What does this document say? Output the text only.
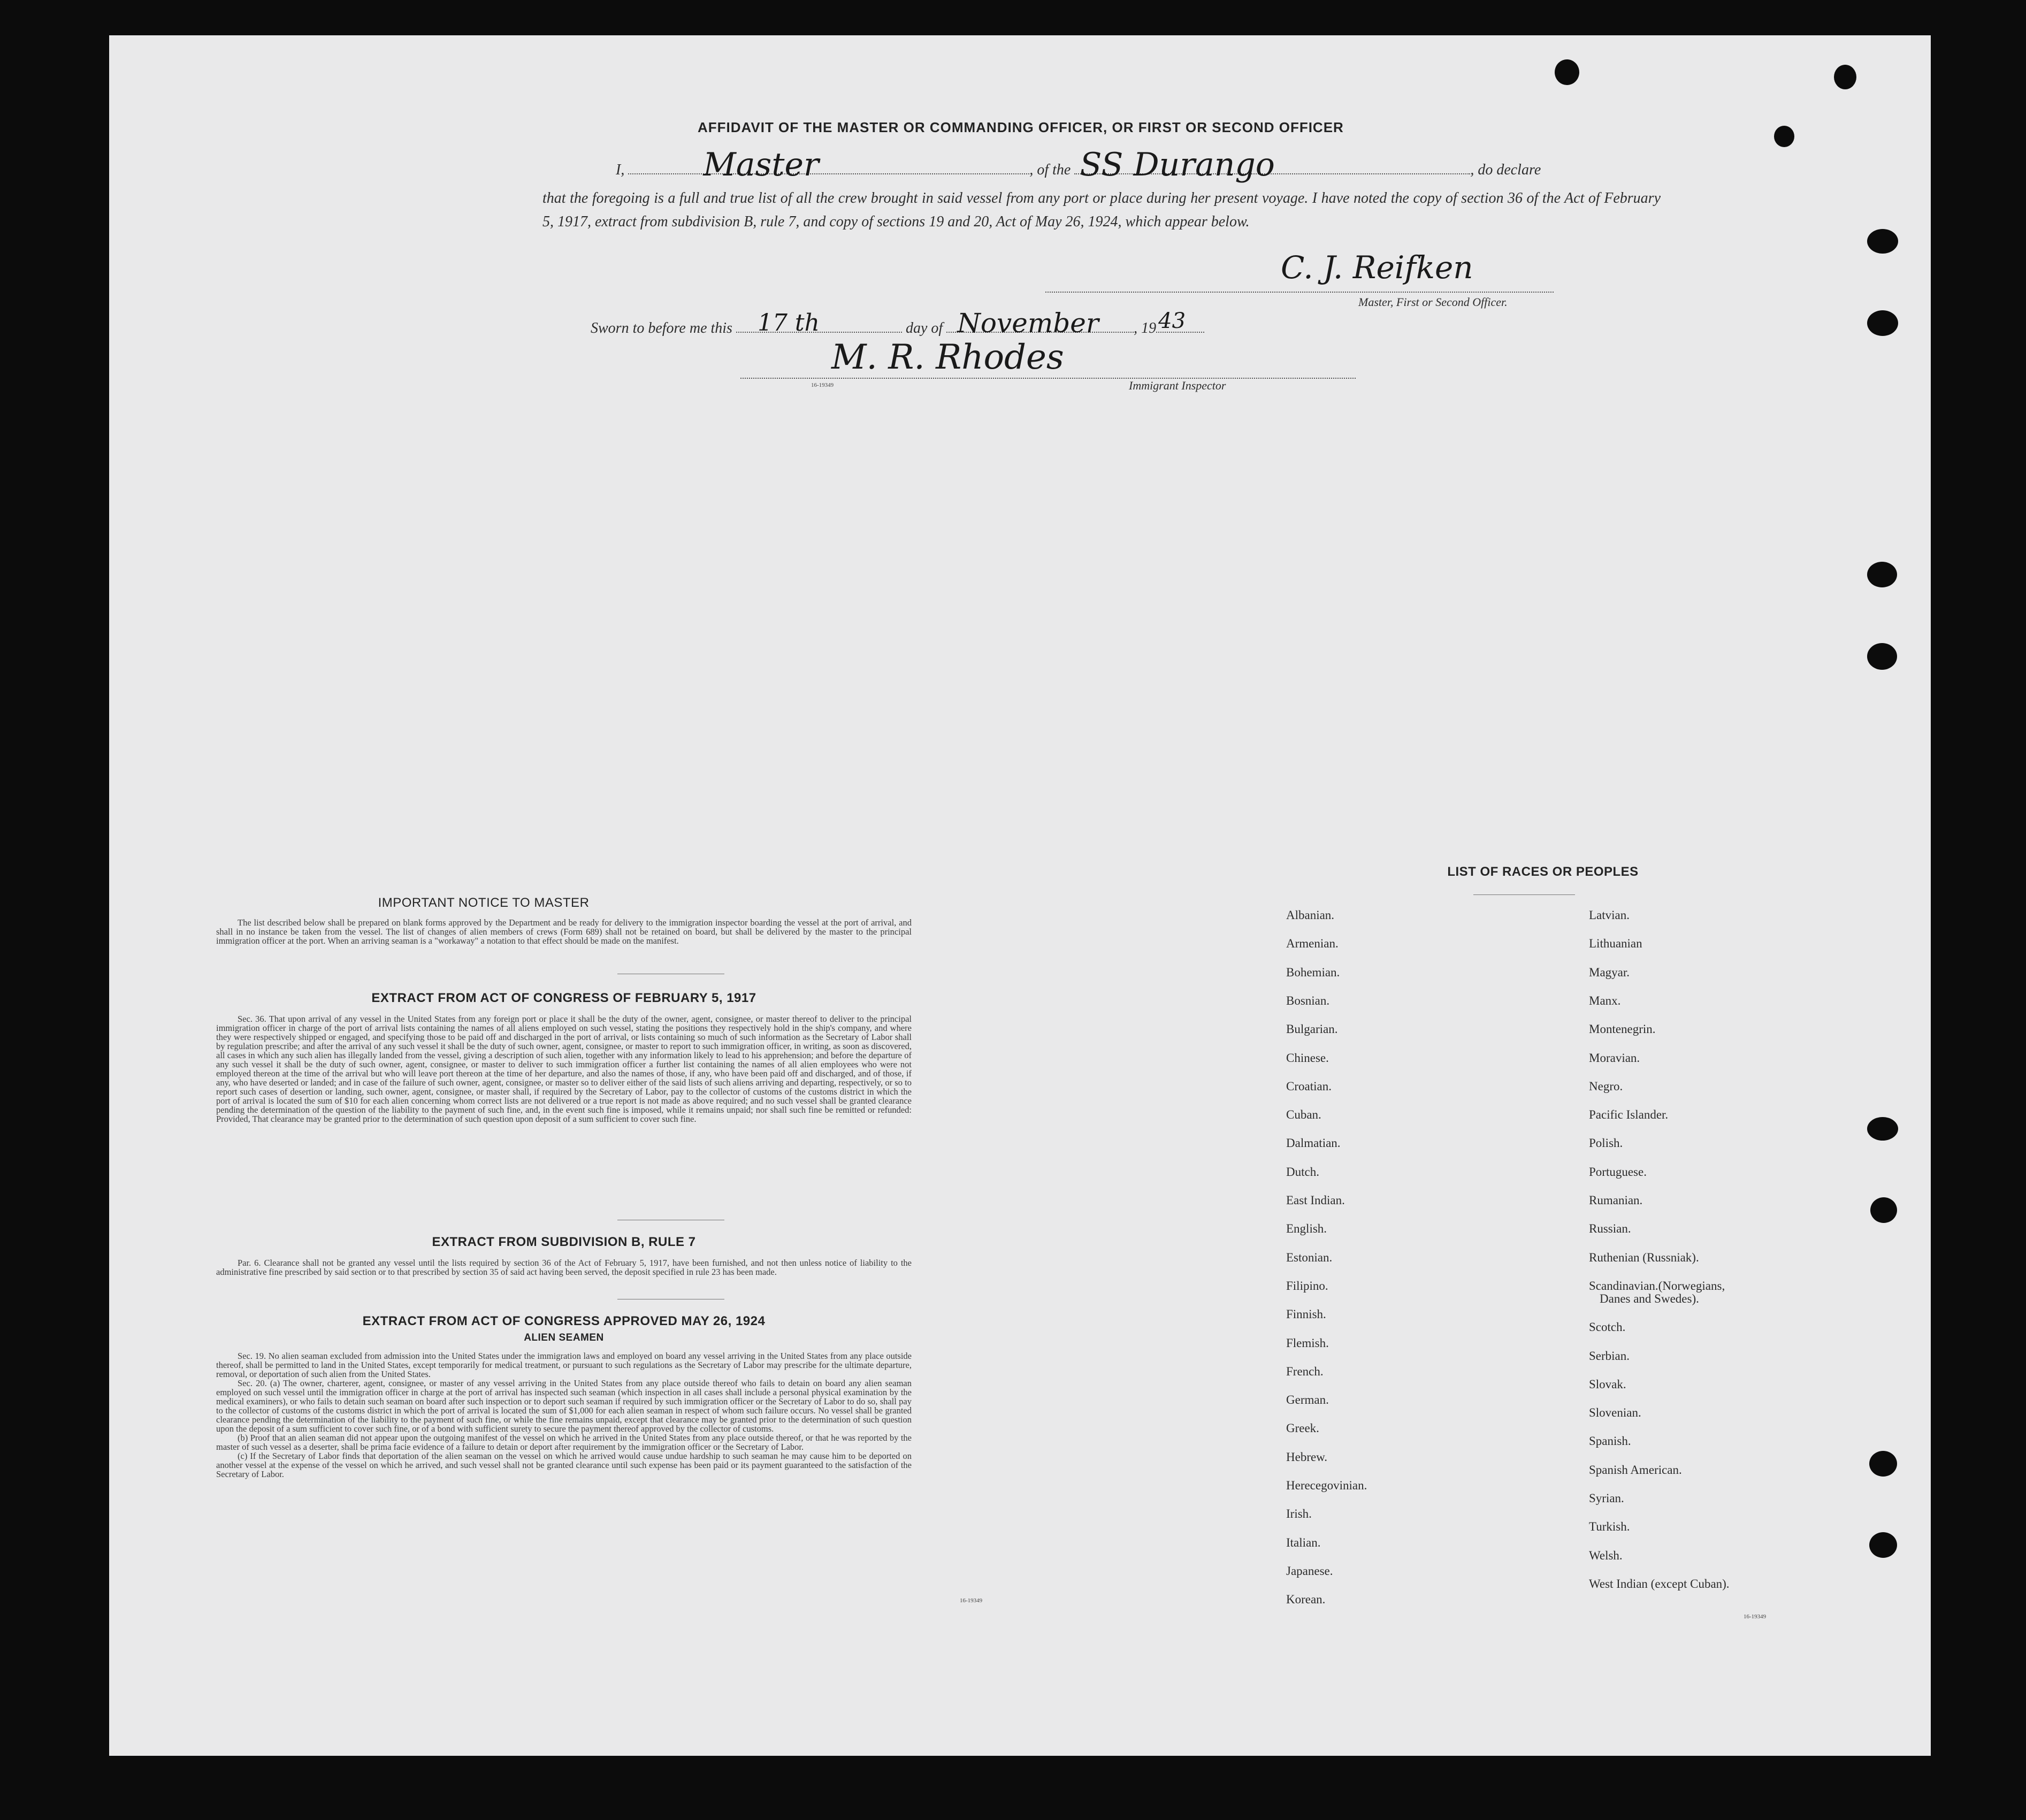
AFFIDAVIT OF THE MASTER OR COMMANDING OFFICER, OR FIRST OR SECOND OFFICER
I, Master	, of the SS Durango	, do declare
that the foregoing is a full and true list of all the crew brought in said vessel from any port or place during her present voyage. I have noted the copy of section 36 of the Act of February 5, 1917, extract from subdivision B, rule 7, and copy of sections 19 and 20, Act of May 26, 1924, which appear below.
C. J. Reifken
Master, First or Second Officer.
Sworn to before me this 17 th	day of November , 19 43
M. R. Rhodes
16-19349	Immigrant Inspector
IMPORTANT NOTICE TO MASTER
The list described below shall be prepared on blank forms approved by the Department and be ready for delivery to the immigration inspector boarding the vessel at the port of arrival, and shall in no instance be taken from the vessel. The list of changes of alien members of crews (Form 689) shall not be retained on board, but shall be delivered by the master to the principal immigration officer at the port. When an arriving seaman is a "workaway" a notation to that effect should be made on the manifest.
EXTRACT FROM ACT OF CONGRESS OF FEBRUARY 5, 1917
Sec. 36. That upon arrival of any vessel in the United States from any foreign port or place it shall be the duty of the owner, agent, consignee, or master thereof to deliver to the principal immigration officer in charge of the port of arrival lists containing the names of all aliens employed on such vessel, stating the positions they respectively hold in the ship's company, and where they were respectively shipped or engaged, and specifying those to be paid off and discharged in the port of arrival, or lists containing so much of such information as the Secretary of Labor shall by regulation prescribe; and after the arrival of any such vessel it shall be the duty of such owner, agent, consignee, or master to report to such immigration officer, in writing, as soon as discovered, all cases in which any such alien has illegally landed from the vessel, giving a description of such alien, together with any information likely to lead to his apprehension; and before the departure of any such vessel it shall be the duty of such owner, agent, consignee, or master to deliver to such immigration officer a further list containing the names of all alien employees who were not employed thereon at the time of the arrival but who will leave port thereon at the time of her departure, and also the names of those, if any, who have been paid off and discharged, and of those, if any, who have deserted or landed; and in case of the failure of such owner, agent, consignee, or master so to deliver either of the said lists of such aliens arriving and departing, respectively, or so to report such cases of desertion or landing, such owner, agent, consignee, or master shall, if required by the Secretary of Labor, pay to the collector of customs of the customs district in which the port of arrival is located the sum of $10 for each alien concerning whom correct lists are not delivered or a true report is not made as above required; and no such vessel shall be granted clearance pending the determination of the question of the liability to the payment of such fine, and, in the event such fine is imposed, while it remains unpaid; nor shall such fine be remitted or refunded: Provided, That clearance may be granted prior to the determination of such question upon deposit of a sum sufficient to cover such fine.
EXTRACT FROM SUBDIVISION B, RULE 7
Par. 6. Clearance shall not be granted any vessel until the lists required by section 36 of the Act of February 5, 1917, have been furnished, and not then unless notice of liability to the administrative fine prescribed by said section or to that prescribed by section 35 of said act having been served, the deposit specified in rule 23 has been made.
EXTRACT FROM ACT OF CONGRESS APPROVED MAY 26, 1924
ALIEN SEAMEN
Sec. 19. No alien seaman excluded from admission into the United States under the immigration laws and employed on board any vessel arriving in the United States from any place outside thereof, shall be permitted to land in the United States, except temporarily for medical treatment, or pursuant to such regulations as the Secretary of Labor may prescribe for the ultimate departure, removal, or deportation of such alien from the United States.
Sec. 20. (a) The owner, charterer, agent, consignee, or master of any vessel arriving in the United States from any place outside thereof who fails to detain on board any alien seaman employed on such vessel until the immigration officer in charge at the port of arrival has inspected such seaman (which inspection in all cases shall include a personal physical examination by the medical examiners), or who fails to detain such seaman on board after such inspection or to deport such seaman if required by such immigration officer or the Secretary of Labor to do so, shall pay to the collector of customs of the customs district in which the port of arrival is located the sum of $1,000 for each alien seaman in respect of whom such failure occurs. No vessel shall be granted clearance pending the determination of the liability to the payment of such fine, or while the fine remains unpaid, except that clearance may be granted prior to the determination of such question upon the deposit of a sum sufficient to cover such fine, or of a bond with sufficient surety to secure the payment thereof approved by the collector of customs.
(b) Proof that an alien seaman did not appear upon the outgoing manifest of the vessel on which he arrived in the United States from any place outside thereof, or that he was reported by the master of such vessel as a deserter, shall be prima facie evidence of a failure to detain or deport after requirement by the immigration officer or the Secretary of Labor.
(c) If the Secretary of Labor finds that deportation of the alien seaman on the vessel on which he arrived would cause undue hardship to such seaman he may cause him to be deported on another vessel at the expense of the vessel on which he arrived, and such vessel shall not be granted clearance until such expense has been paid or its payment guaranteed to the satisfaction of the Secretary of Labor.
16-19349
LIST OF RACES OR PEOPLES
Albanian.
Armenian.
Bohemian.
Bosnian.
Bulgarian.
Chinese.
Croatian.
Cuban.
Dalmatian.
Dutch.
East Indian.
English.
Estonian.
Filipino.
Finnish.
Flemish.
French.
German.
Greek.
Hebrew.
Herecegovinian.
Irish.
Italian.
Japanese.
Korean.
Latvian.
Lithuanian
Magyar.
Manx.
Montenegrin.
Moravian.
Negro.
Pacific Islander.
Polish.
Portuguese.
Rumanian.
Russian.
Ruthenian (Russniak).
Scandinavian.(Norwegians,
Danes and Swedes).
Scotch.
Serbian.
Slovak.
Slovenian.
Spanish.
Spanish American.
Syrian.
Turkish.
Welsh.
West Indian (except Cuban).
16-19349
